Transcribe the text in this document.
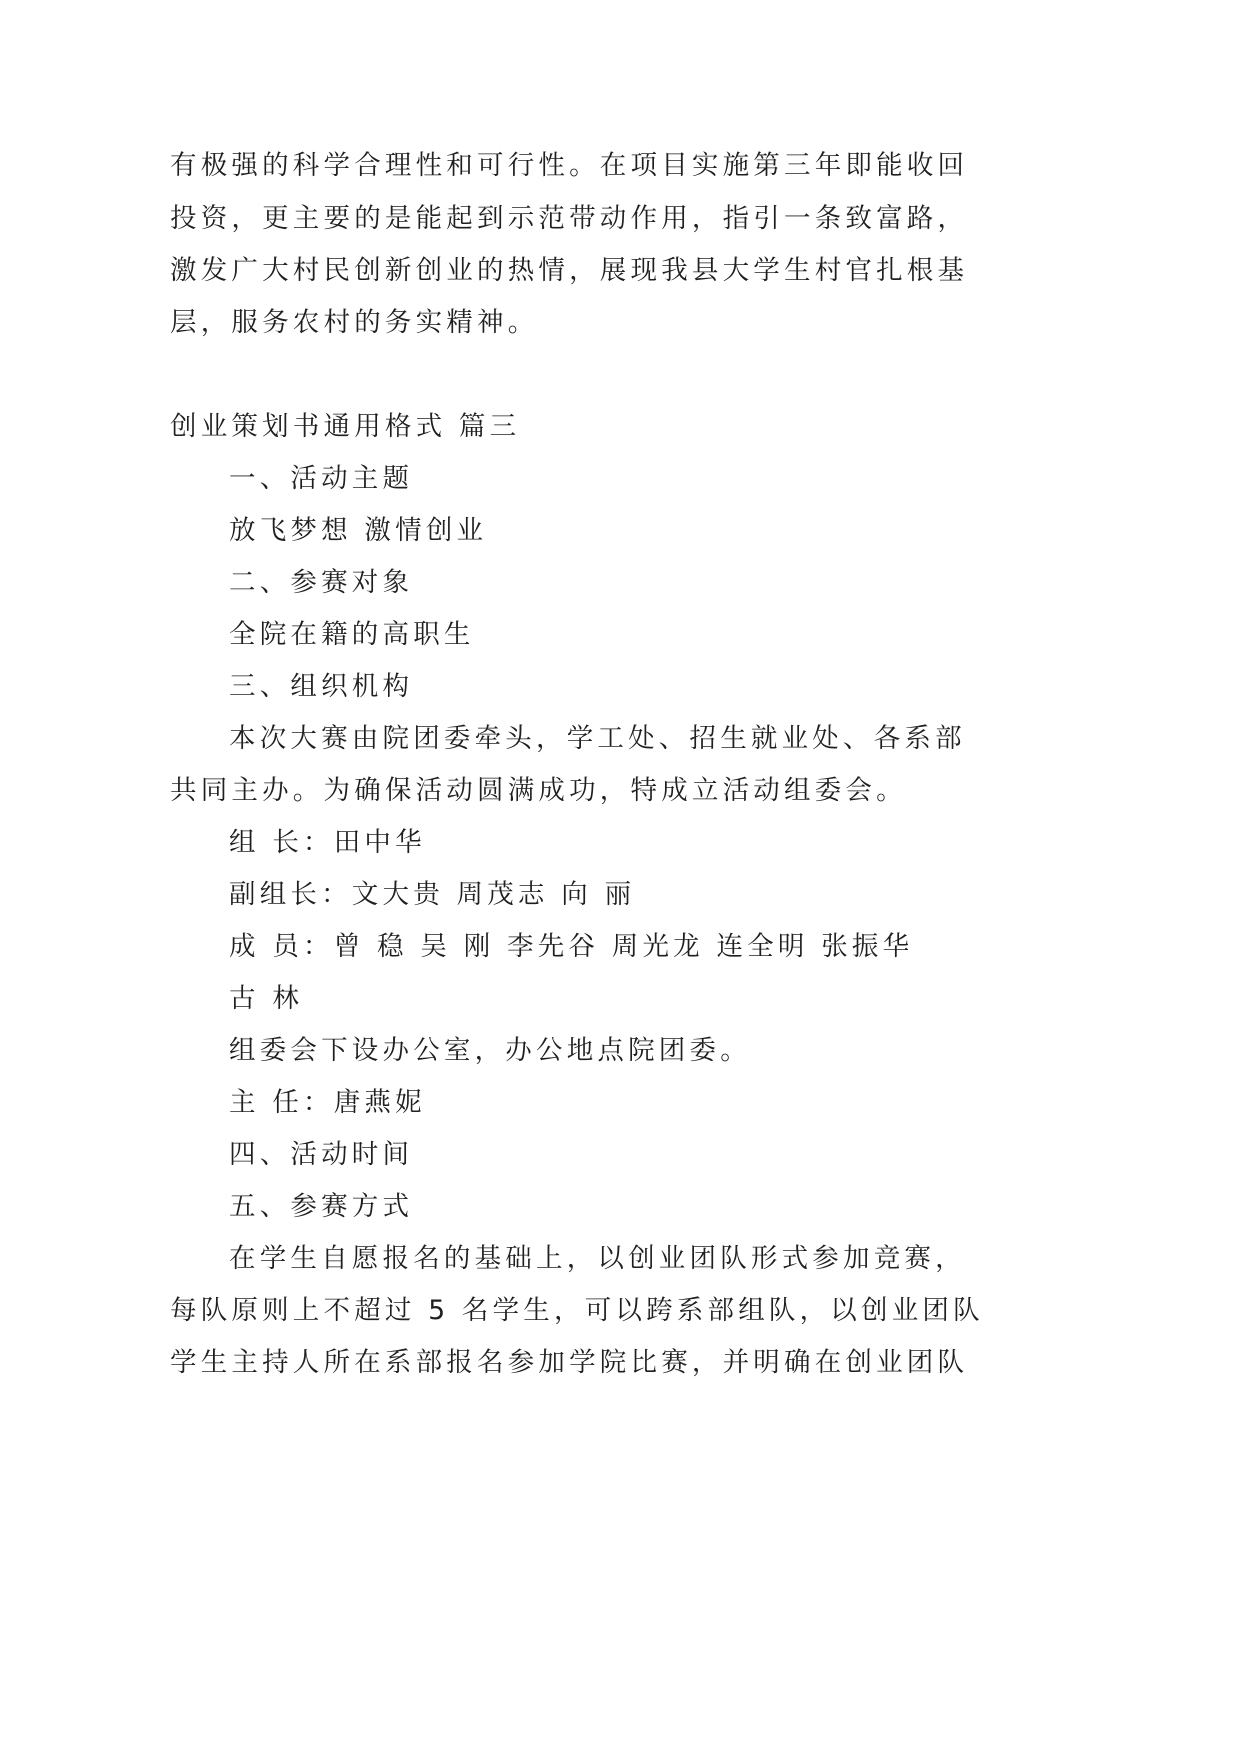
有极强的科学合理性和可行性。在项目实施第三年即能收回
投资，更主要的是能起到示范带动作用，指引一条致富路，
激发广大村民创新创业的热情，展现我县大学生村官扎根基
层，服务农村的务实精神。
创业策划书通用格式 篇三
一、活动主题
放飞梦想 激情创业
二、参赛对象
全院在籍的高职生
三、组织机构
本次大赛由院团委牵头，学工处、招生就业处、各系部
共同主办。为确保活动圆满成功，特成立活动组委会。
组 长：田中华
副组长：文大贵 周茂志 向 丽
成 员：曾 稳 吴 刚 李先谷 周光龙 连全明 张振华
古 林
组委会下设办公室，办公地点院团委。
主 任：唐燕妮
四、活动时间
五、参赛方式
在学生自愿报名的基础上，以创业团队形式参加竞赛，
每队原则上不超过 5 名学生，可以跨系部组队，以创业团队
学生主持人所在系部报名参加学院比赛，并明确在创业团队
